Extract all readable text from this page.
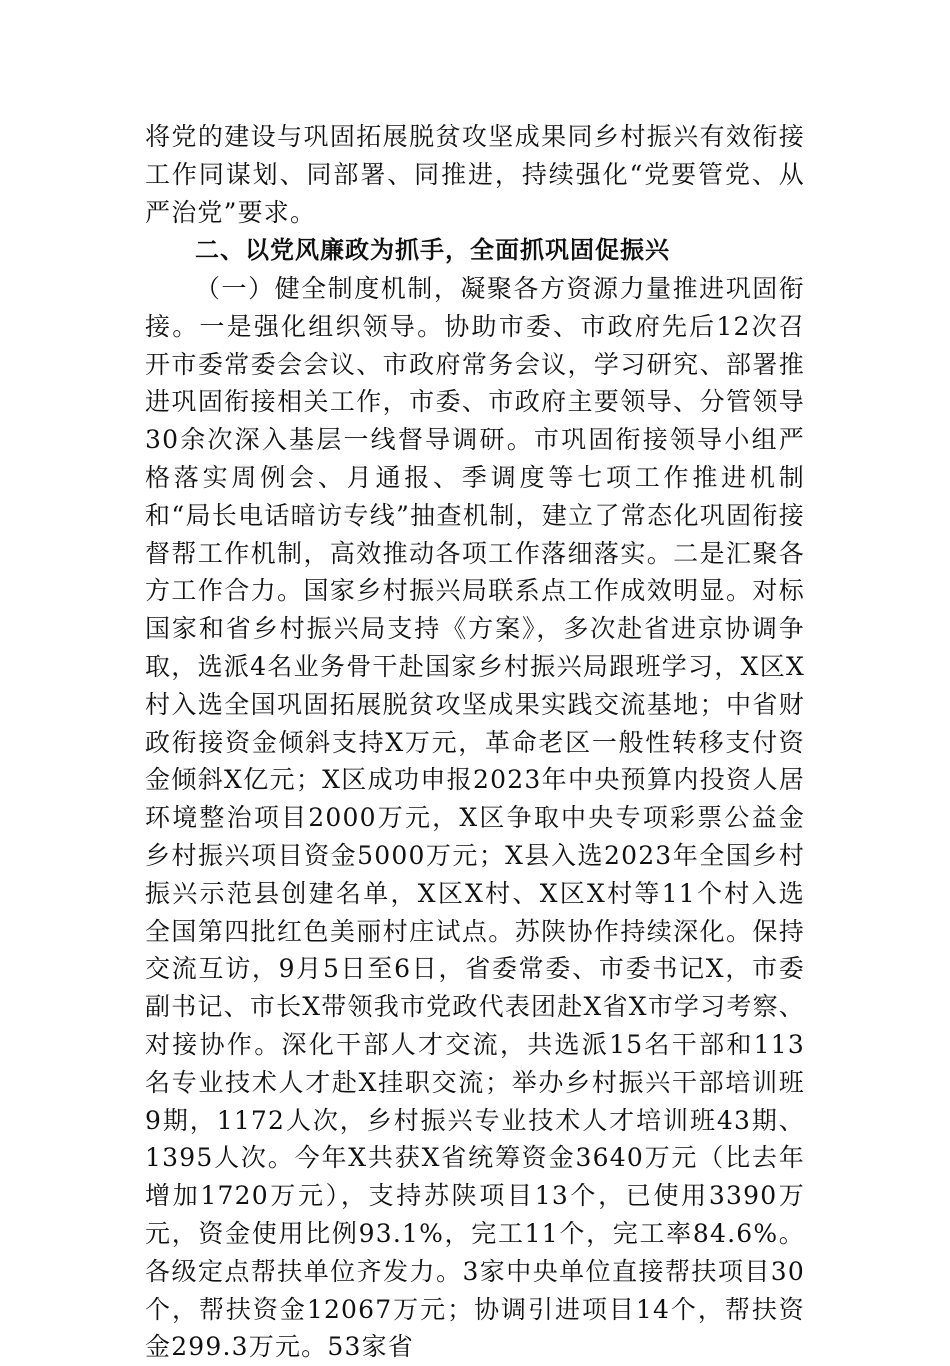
将党的建设与巩固拓展脱贫攻坚成果同乡村振兴有效衔接工作同谋划、同部署、同推进，持续强化“党要管党、从严治党”要求。

二、以党风廉政为抓手，全面抓巩固促振兴

（一）健全制度机制，凝聚各方资源力量推进巩固衔接。一是强化组织领导。协助市委、市政府先后12次召开市委常委会会议、市政府常务会议，学习研究、部署推进巩固衔接相关工作，市委、市政府主要领导、分管领导30余次深入基层一线督导调研。市巩固衔接领导小组严格落实周例会、月通报、季调度等七项工作推进机制和“局长电话暗访专线”抽查机制，建立了常态化巩固衔接督帮工作机制，高效推动各项工作落细落实。二是汇聚各方工作合力。国家乡村振兴局联系点工作成效明显。对标国家和省乡村振兴局支持《方案》，多次赴省进京协调争取，选派4名业务骨干赴国家乡村振兴局跟班学习，X区X村入选全国巩固拓展脱贫攻坚成果实践交流基地；中省财政衔接资金倾斜支持X万元，革命老区一般性转移支付资金倾斜X亿元；X区成功申报2023年中央预算内投资人居环境整治项目2000万元，X区争取中央专项彩票公益金乡村振兴项目资金5000万元；X县入选2023年全国乡村振兴示范县创建名单，X区X村、X区X村等11个村入选全国第四批红色美丽村庄试点。苏陕协作持续深化。保持交流互访，9月5日至6日，省委常委、市委书记X，市委副书记、市长X带领我市党政代表团赴X省X市学习考察、对接协作。深化干部人才交流，共选派15名干部和113名专业技术人才赴X挂职交流；举办乡村振兴干部培训班9期，1172人次，乡村振兴专业技术人才培训班43期、1395人次。今年X共获X省统筹资金3640万元（比去年增加1720万元），支持苏陕项目13个，已使用3390万元，资金使用比例93.1%，完工11个，完工率84.6%。各级定点帮扶单位齐发力。3家中央单位直接帮扶项目30个，帮扶资金12067万元；协调引进项目14个，帮扶资金299.3万元。53家省
